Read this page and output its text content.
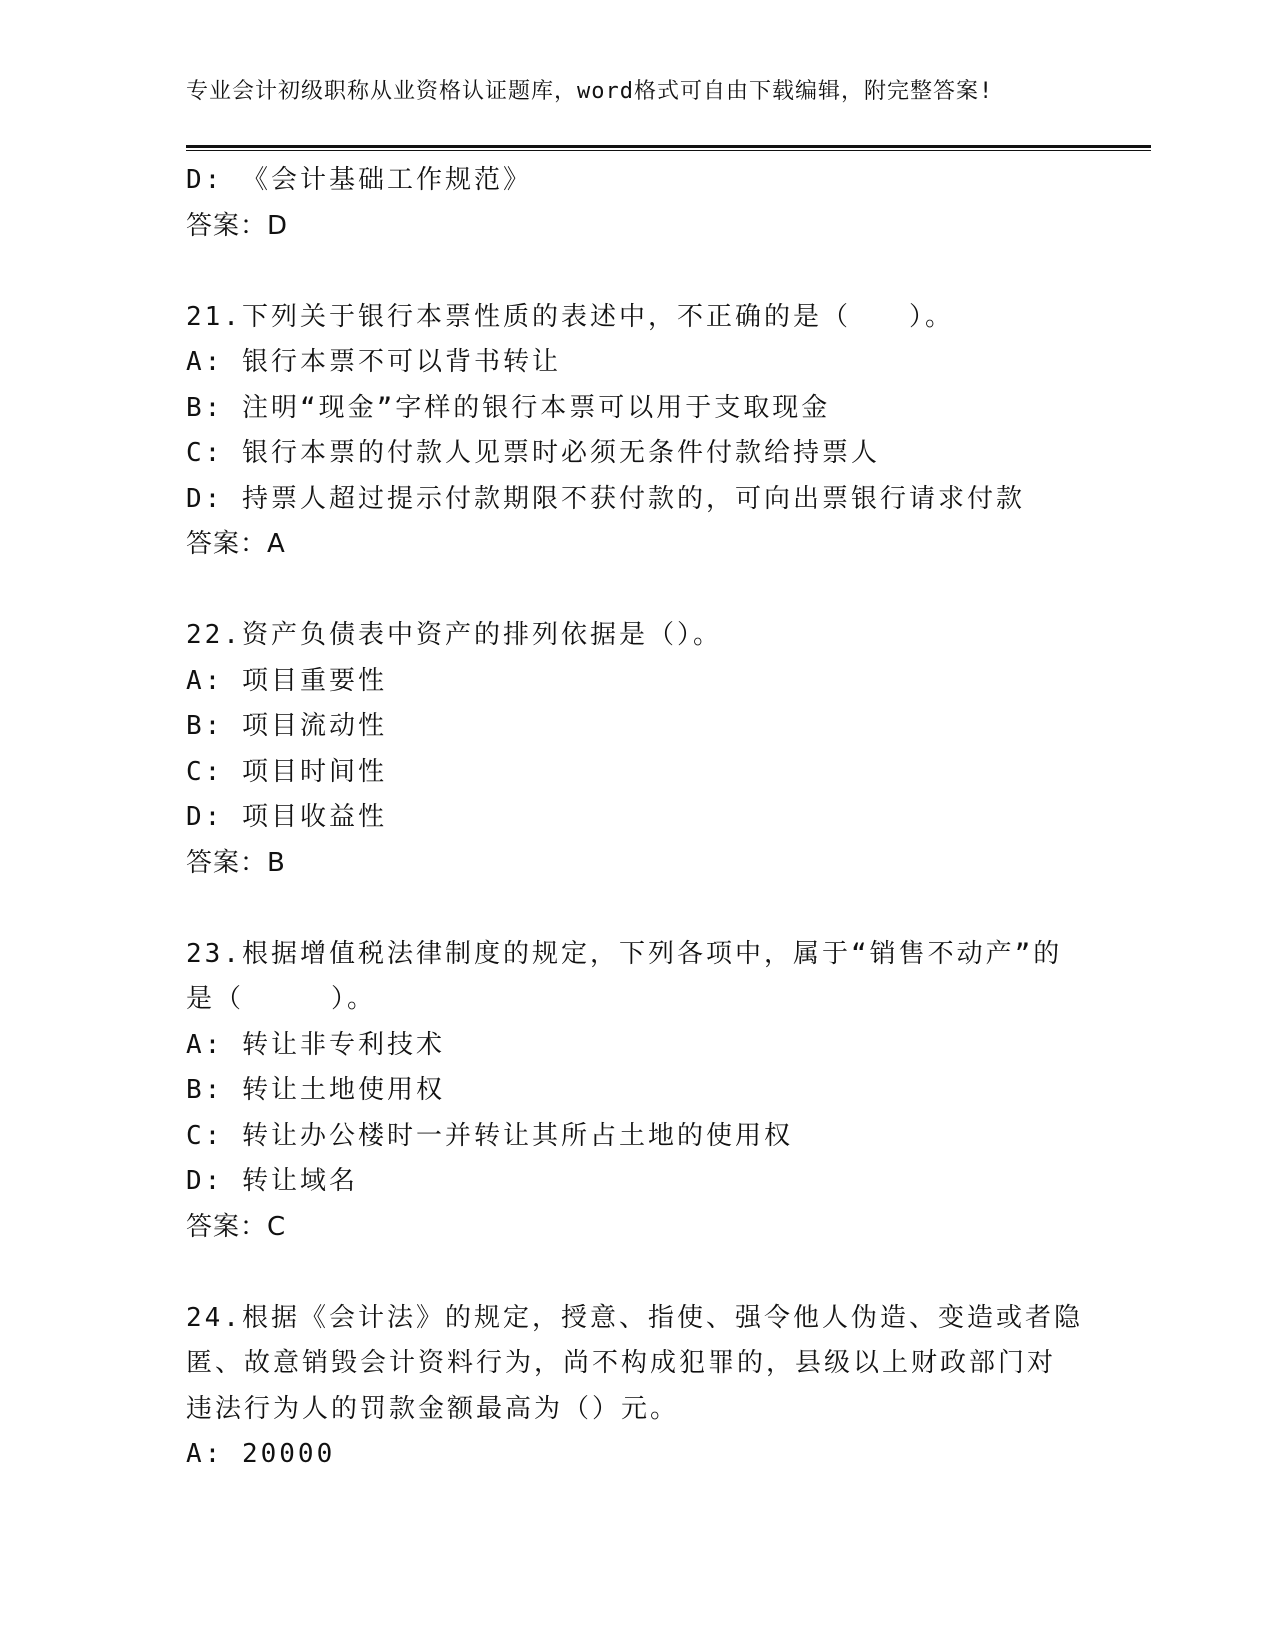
专业会计初级职称从业资格认证题库，word格式可自由下载编辑，附完整答案!
D: 《会计基础工作规范》
答案：D
21.下列关于银行本票性质的表述中，不正确的是（　　）。
A: 银行本票不可以背书转让
B: 注明“现金”字样的银行本票可以用于支取现金
C: 银行本票的付款人见票时必须无条件付款给持票人
D: 持票人超过提示付款期限不获付款的，可向出票银行请求付款
答案：A
22.资产负债表中资产的排列依据是（）。
A: 项目重要性
B: 项目流动性
C: 项目时间性
D: 项目收益性
答案：B
23.根据增值税法律制度的规定，下列各项中，属于“销售不动产”的
是（　　　）。
A: 转让非专利技术
B: 转让土地使用权
C: 转让办公楼时一并转让其所占土地的使用权
D: 转让域名
答案：C
24.根据《会计法》的规定，授意、指使、强令他人伪造、变造或者隐
匿、故意销毁会计资料行为，尚不构成犯罪的，县级以上财政部门对
违法行为人的罚款金额最高为（）元。
A: 20000
